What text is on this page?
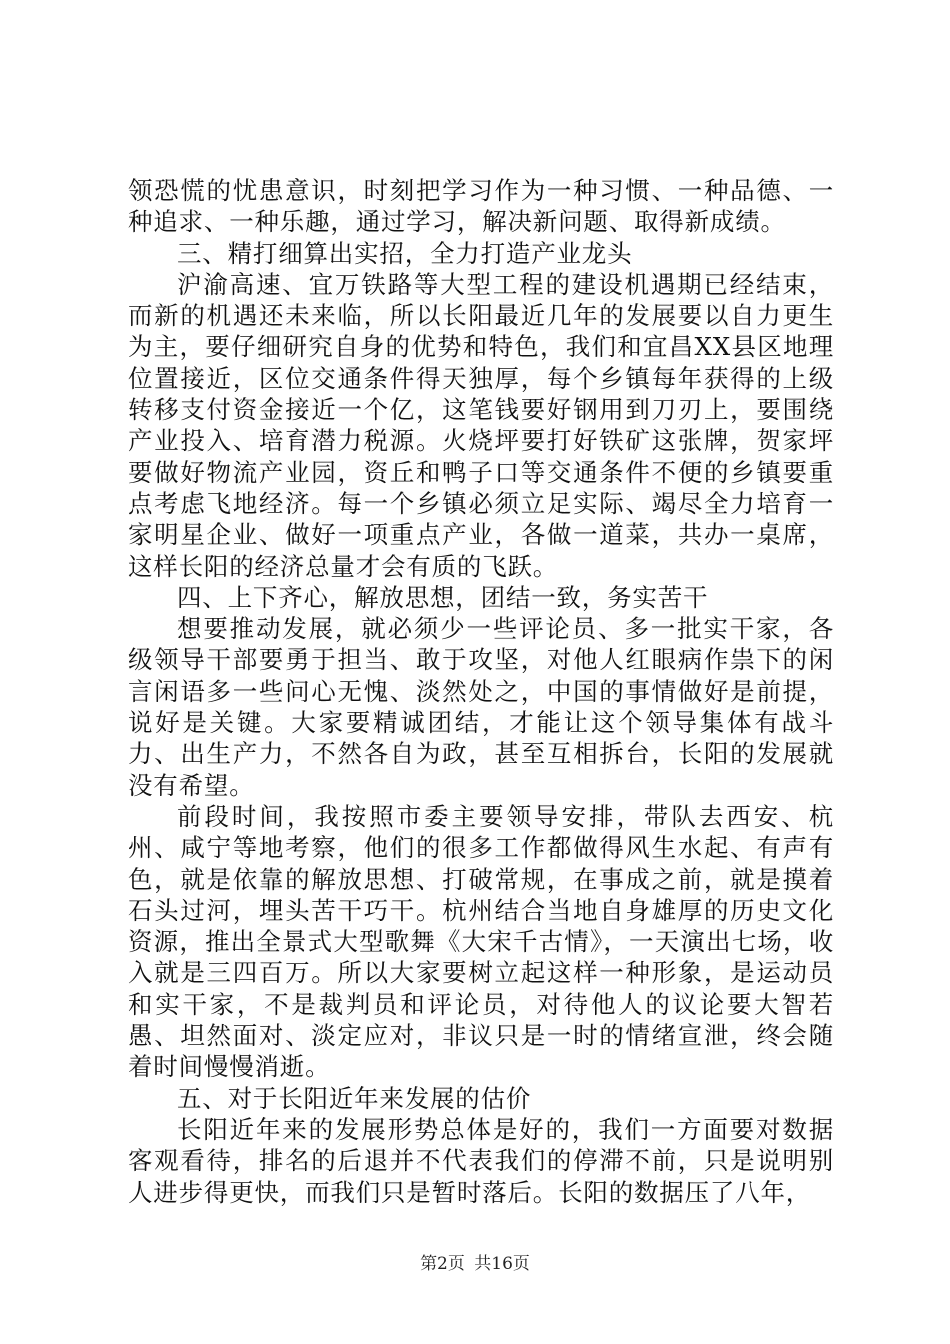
领恐慌的忧患意识，时刻把学习作为一种习惯、一种品德、一种追求、一种乐趣，通过学习，解决新问题、取得新成绩。

三、精打细算出实招，全力打造产业龙头

沪渝高速、宜万铁路等大型工程的建设机遇期已经结束，而新的机遇还未来临，所以长阳最近几年的发展要以自力更生为主，要仔细研究自身的优势和特色，我们和宜昌XX县区地理位置接近，区位交通条件得天独厚，每个乡镇每年获得的上级转移支付资金接近一个亿，这笔钱要好钢用到刀刃上，要围绕产业投入、培育潜力税源。火烧坪要打好铁矿这张牌，贺家坪要做好物流产业园，资丘和鸭子口等交通条件不便的乡镇要重点考虑飞地经济。每一个乡镇必须立足实际、竭尽全力培育一家明星企业、做好一项重点产业，各做一道菜，共办一桌席，这样长阳的经济总量才会有质的飞跃。

四、上下齐心，解放思想，团结一致，务实苦干

想要推动发展，就必须少一些评论员、多一批实干家，各级领导干部要勇于担当、敢于攻坚，对他人红眼病作祟下的闲言闲语多一些问心无愧、淡然处之，中国的事情做好是前提，说好是关键。大家要精诚团结，才能让这个领导集体有战斗力、出生产力，不然各自为政，甚至互相拆台，长阳的发展就没有希望。

前段时间，我按照市委主要领导安排，带队去西安、杭州、咸宁等地考察，他们的很多工作都做得风生水起、有声有色，就是依靠的解放思想、打破常规，在事成之前，就是摸着石头过河，埋头苦干巧干。杭州结合当地自身雄厚的历史文化资源，推出全景式大型歌舞《大宋千古情》，一天演出七场，收入就是三四百万。所以大家要树立起这样一种形象，是运动员和实干家，不是裁判员和评论员，对待他人的议论要大智若愚、坦然面对、淡定应对，非议只是一时的情绪宣泄，终会随着时间慢慢消逝。

五、对于长阳近年来发展的估价

长阳近年来的发展形势总体是好的，我们一方面要对数据客观看待，排名的后退并不代表我们的停滞不前，只是说明别人进步得更快，而我们只是暂时落后。长阳的数据压了八年，

第2页 共16页
